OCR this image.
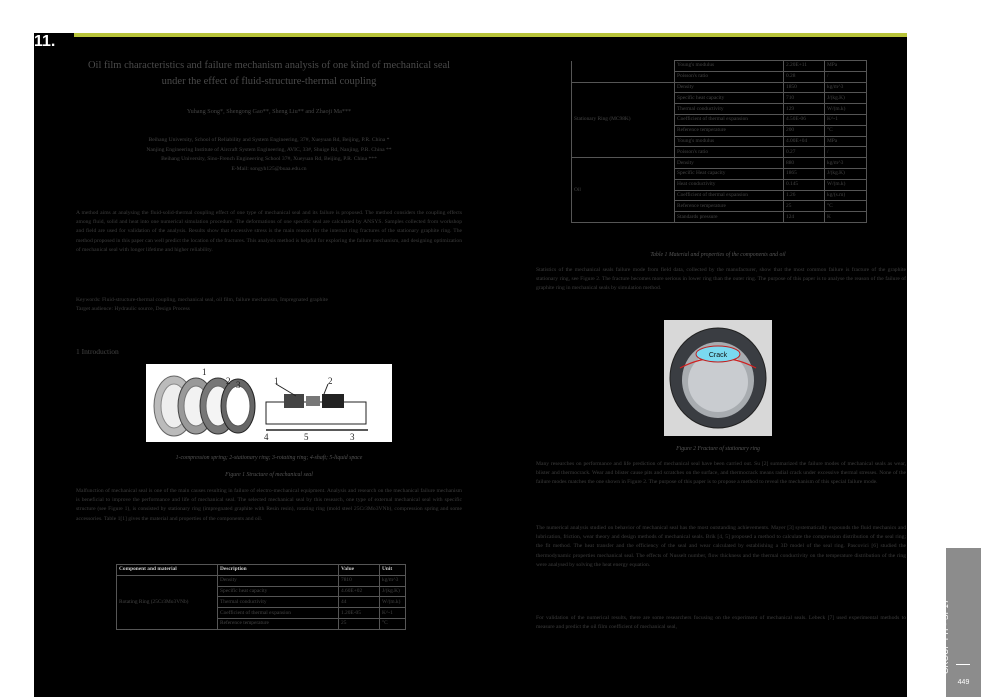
11.
Oil film characteristics and failure mechanism analysis of one kind of mechanical seal under the effect of fluid-structure-thermal coupling
Yuhang Song*, Shengong Gao**, Sheng Liu** and Zhaoji Ma***
Beihang University, School of Reliability and System Engineering, 37#, Xueyuan Rd, Beijing, P.R. China *
Nanjing Engineering Institute of Aircraft System Engineering, AVIC, 33#, Shuige Rd, Nanjing, P.R. China **
Beihang University, Sino-French Engineering School 37#, Xueyuan Rd, Beijing, P.R. China ***
E-Mail: songyh125@buaa.edu.cn
A method aims at analysing the fluid-solid-thermal coupling effect of one type of mechanical seal and its failure is proposed. The method considers the coupling effects among fluid, solid and heat into one numerical simulation procedure. The deformations of one specific seal are calculated by ANSYS. Samples collected from workshop and field are used for validation of the analysis. Results show that excessive stress is the main reason for the internal ring fractures of the stationary graphite ring. The method proposed in this paper can well predict the location of the fractures. This analysis method is helpful for exploring the failure mechanism, and designing optimization of mechanical seal with longer lifetime and higher reliability.
Keywords: Fluid-structure-thermal coupling, mechanical seal, oil film, failure mechanism, Impregnated graphite
Target audience: Hydraulic source, Design Process
1 Introduction
1
2 3	1	2
4	5	3
1-compression spring; 2-stationary ring; 3-rotating ring; 4-shaft; 5-liquid space
Figure 1 Structure of mechanical seal
Malfunction of mechanical seal is one of the main causes resulting in failure of electro-mechanical equipment. Analysis and research on the mechanical failure mechanism is beneficial to improve the performance and life of mechanical seal. The selected mechanical seal by this research, one type of external mechanical seal with specific structure (see Figure 1), is consisted by stationary ring (impregnated graphite with Resin resin), rotating ring (mold steel 25Cr3Mo3VNb), compression spring and some accessories. Table 1[1] gives the material and properties of the components and oil.
Component and material	Description	Value	Unit
Rotating Ring (25Cr3Mo3VNb)	Density	7810	kg/m^3
	Specific heat capacity	4.60E+02	J/(kg.K)
	Thermal conductivity	44	W/(m.k)
	Coefficient of thermal expansion	1.20E-05	K^-1
	Reference temperature	25	°C
	Young's modulus	2.20E+11	MPa
	Poisson's ratio	0.28	/
Stationary Ring (MC98K)	Density	1850	kg/m^3
	Specific heat capacity	710	J/(kg.K)
	Thermal conductivity	129	W/(m.k)
	Coefficient of thermal expansion	4.50E-06	K^-1
	Reference temperature	200	°C
	Young's modulus	4.00E+04	MPa
	Poisson's ratio	0.27	/
Oil	Density	880	kg/m^3
	Specific Heat capacity	1865	J/(kg.K)
	Heat conductivity	0.145	W/(m.k)
	Coefficient of thermal expansion	1.26	kg/(s.m)
	Reference temperature	25	°C
	Standards pressure	124	K
Table 1 Material and properties of the components and oil
Statistics of the mechanical seals failure mode from field data, collected by the manufacturer, show that the most common failure is fracture of the graphite stationary ring, see Figure 2. The fracture becomes more serious in lower ring than the outer ring. The purpose of this paper is to analyse the reason of the failure of graphite ring in mechanical seals by simulation method.
Crack
Figure 2 Fracture of stationary ring
Many researches on performance and life prediction of mechanical seal have been carried out. Su [2] summarized the failure modes of mechanical seals as wear, blister and thermocrack. Wear and blister cause pits and scratches on the surface, and thermocrack means radial crack under excessive thermal stresses. None of the failure modes matches the one shown in Figure 2. The purpose of this paper is to propose a method to reveal the mechanism of this special failure mode.
The numerical analysis studied on behavior of mechanical seal has the most outstanding achievements. Mayer [3] systematically expounds the fluid mechanics and lubrication, friction, wear theory and design methods of mechanical seals. Brik [4, 5] proposed a method to calculate the compression distribution of the seal ring; the fit method. The heat transfer and the efficiency of the seal and wear calculated by establishing a 3D model of the seal ring. Pascovici [6] studied the thermodynamic properties mechanical seal. The effects of Nusselt number, flow thickness and the thermal conductivity on the temperature distribution of the ring were analysed by solving the heat energy equation.
For validation of the numerical results, there are some researchers focusing on the experiment of mechanical seals. Lebeck [7] used experimental methods to measure and predict the oil film coefficient of mechanical seal,	GROUP PH - SP17
449
